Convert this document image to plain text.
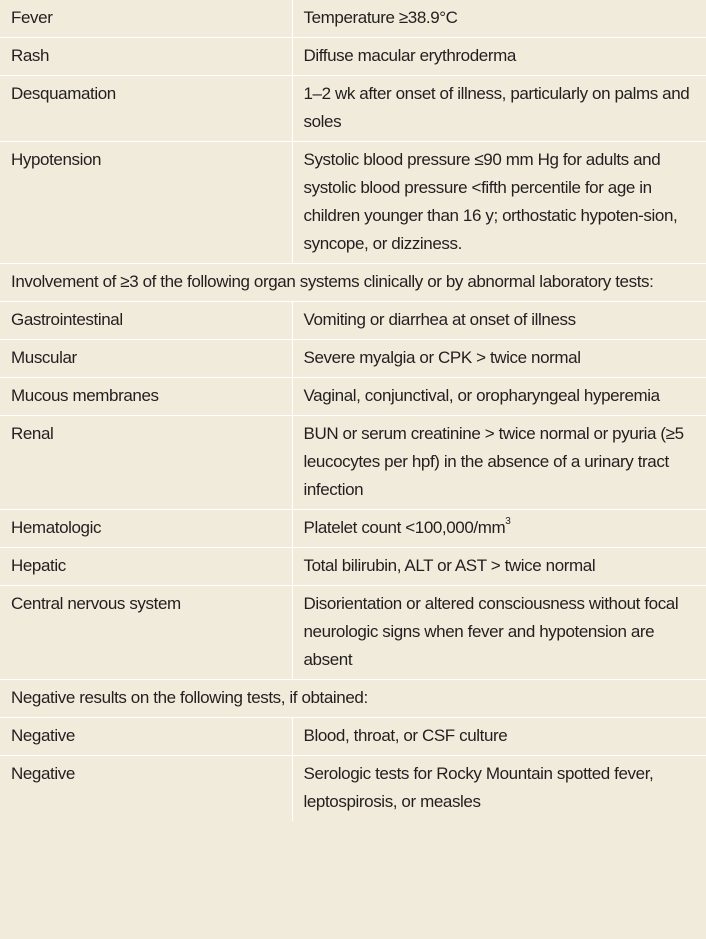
Fever	Temperature ≥38.9°C
Rash	Diffuse macular erythroderma
Desquamation	1–2 wk after onset of illness, particularly on palms and soles
Hypotension	Systolic blood pressure ≤90 mm Hg for adults and systolic blood pressure <fifth percentile for age in children younger than 16 y; orthostatic hypoten-sion, syncope, or dizziness.
Involvement of ≥3 of the following organ systems clinically or by abnormal laboratory tests:	
Gastrointestinal	Vomiting or diarrhea at onset of illness
Muscular	Severe myalgia or CPK > twice normal
Mucous membranes	Vaginal, conjunctival, or oropharyngeal hyperemia
Renal	BUN or serum creatinine > twice normal or pyuria (≥5 leucocytes per hpf) in the absence of a urinary tract infection
Hematologic	Platelet count $<100,000/mm^3$
Hepatic	Total bilirubin, ALT or AST > twice normal
Central nervous system	Disorientation or altered consciousness without focal neurologic signs when fever and hypotension are absent
Negative results on the following tests, if obtained:	
Negative	Blood, throat, or CSF culture
Negative	Serologic tests for Rocky Mountain spotted fever, leptospirosis, or measles
